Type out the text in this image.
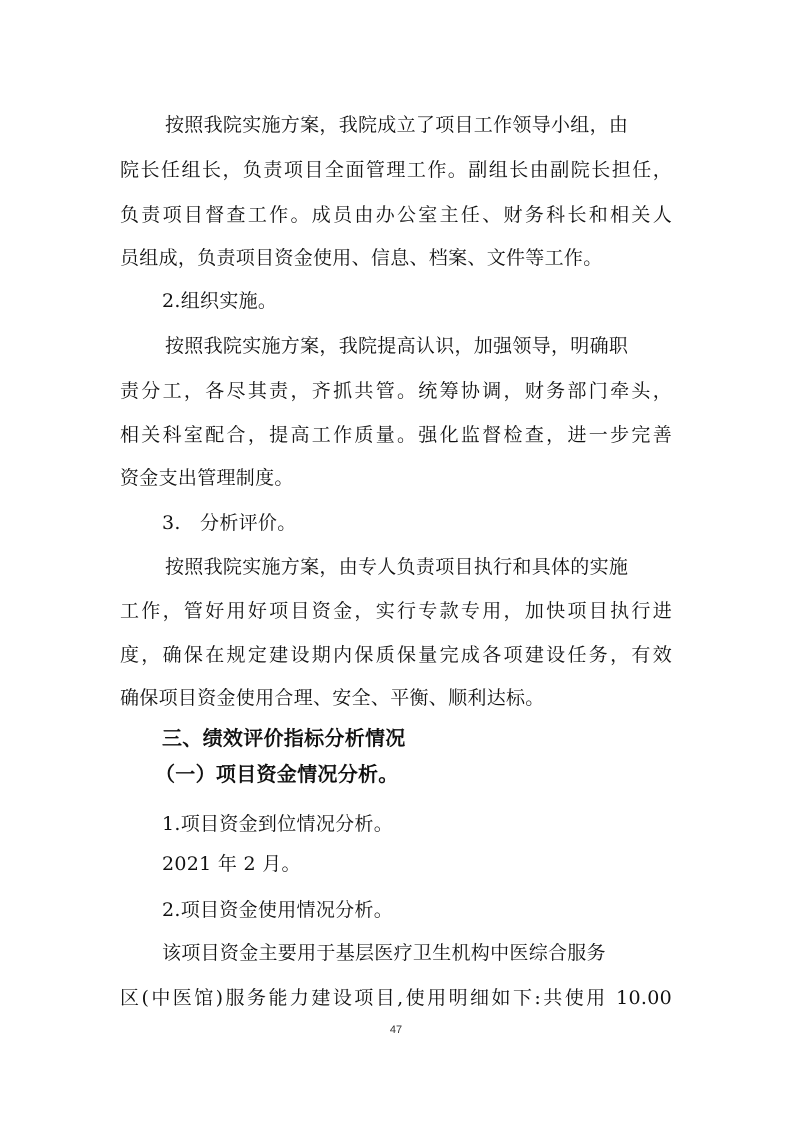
按照我院实施方案，我院成立了项目工作领导小组，由
院长任组长，负责项目全面管理工作。副组长由副院长担任，
负责项目督查工作。成员由办公室主任、财务科长和相关人
员组成，负责项目资金使用、信息、档案、文件等工作。
2.组织实施。
按照我院实施方案，我院提高认识，加强领导，明确职
责分工，各尽其责，齐抓共管。统筹协调，财务部门牵头，
相关科室配合，提高工作质量。强化监督检查，进一步完善
资金支出管理制度。
3.　分析评价。
按照我院实施方案，由专人负责项目执行和具体的实施
工作，管好用好项目资金，实行专款专用，加快项目执行进
度，确保在规定建设期内保质保量完成各项建设任务，有效
确保项目资金使用合理、安全、平衡、顺利达标。
三、绩效评价指标分析情况
（一）项目资金情况分析。
1.项目资金到位情况分析。
2021 年 2 月。
2.项目资金使用情况分析。
该项目资金主要用于基层医疗卫生机构中医综合服务
区(中医馆)服务能力建设项目,使用明细如下:共使用 10.00
47
